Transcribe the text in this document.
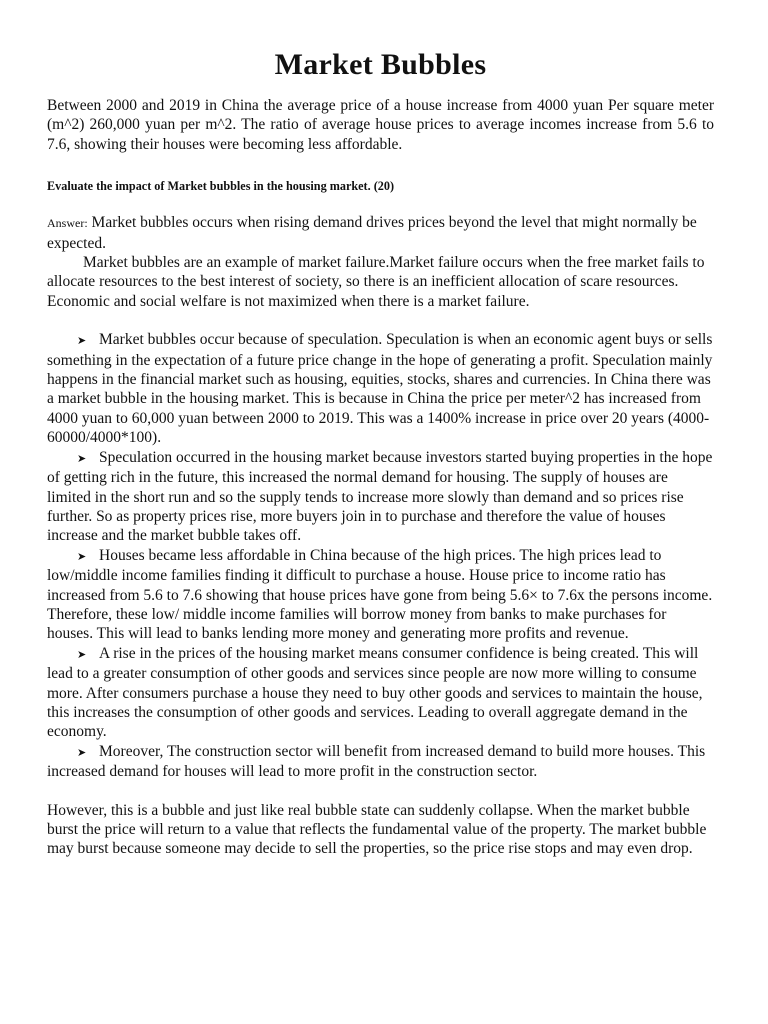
Market Bubbles

Between 2000 and 2019 in China the average price of a house increase from 4000 yuan Per square meter (m^2) 260,000 yuan per m^2. The ratio of average house prices to average incomes increase from 5.6 to 7.6, showing their houses were becoming less affordable.

Evaluate the impact of Market bubbles in the housing market. (20)

Answer: Market bubbles occurs when rising demand drives prices beyond the level that might normally be expected.

Market bubbles are an example of market failure.Market failure occurs when the free market fails to allocate resources to the best interest of society, so there is an inefficient allocation of scare resources. Economic and social welfare is not maximized when there is a market failure.

➤ Market bubbles occur because of speculation. Speculation is when an economic agent buys or sells something in the expectation of a future price change in the hope of generating a profit. Speculation mainly happens in the financial market such as housing, equities, stocks, shares and currencies. In China there was a market bubble in the housing market. This is because in China the price per meter^2 has increased from 4000 yuan to 60,000 yuan between 2000 to 2019. This was a 1400% increase in price over 20 years (4000-60000/4000*100).

➤ Speculation occurred in the housing market because investors started buying properties in the hope of getting rich in the future, this increased the normal demand for housing. The supply of houses are limited in the short run and so the supply tends to increase more slowly than demand and so prices rise further. So as property prices rise, more buyers join in to purchase and therefore the value of houses increase and the market bubble takes off.

➤ Houses became less affordable in China because of the high prices. The high prices lead to low/middle income families finding it difficult to purchase a house. House price to income ratio has increased from 5.6 to 7.6 showing that house prices have gone from being 5.6× to 7.6x the persons income. Therefore, these low/ middle income families will borrow money from banks to make purchases for houses. This will lead to banks lending more money and generating more profits and revenue.

➤ A rise in the prices of the housing market means consumer confidence is being created. This will lead to a greater consumption of other goods and services since people are now more willing to consume more. After consumers purchase a house they need to buy other goods and services to maintain the house, this increases the consumption of other goods and services. Leading to overall aggregate demand in the economy.

➤ Moreover, The construction sector will benefit from increased demand to build more houses. This increased demand for houses will lead to more profit in the construction sector.

However, this is a bubble and just like real bubble state can suddenly collapse. When the market bubble burst the price will return to a value that reflects the fundamental value of the property. The market bubble may burst because someone may decide to sell the properties, so the price rise stops and may even drop.
